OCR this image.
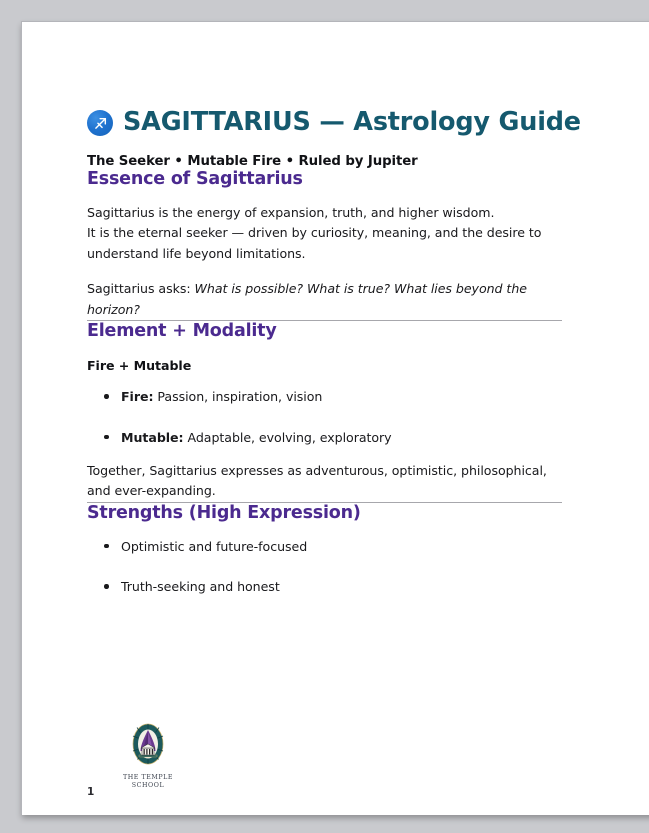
SAGITTARIUS — Astrology Guide
The Seeker • Mutable Fire • Ruled by Jupiter
Essence of Sagittarius

Sagittarius is the energy of expansion, truth, and higher wisdom.
It is the eternal seeker — driven by curiosity, meaning, and the desire to
understand life beyond limitations.

Sagittarius asks: What is possible? What is true? What lies beyond the horizon?

Element + Modality
Fire + Mutable
Fire: Passion, inspiration, vision
Mutable: Adaptable, evolving, exploratory

Together, Sagittarius expresses as adventurous, optimistic, philosophical, and ever-expanding.

Strengths (High Expression)
Optimistic and future-focused
Truth-seeking and honest
THE TEMPLE
SCHOOL
1
